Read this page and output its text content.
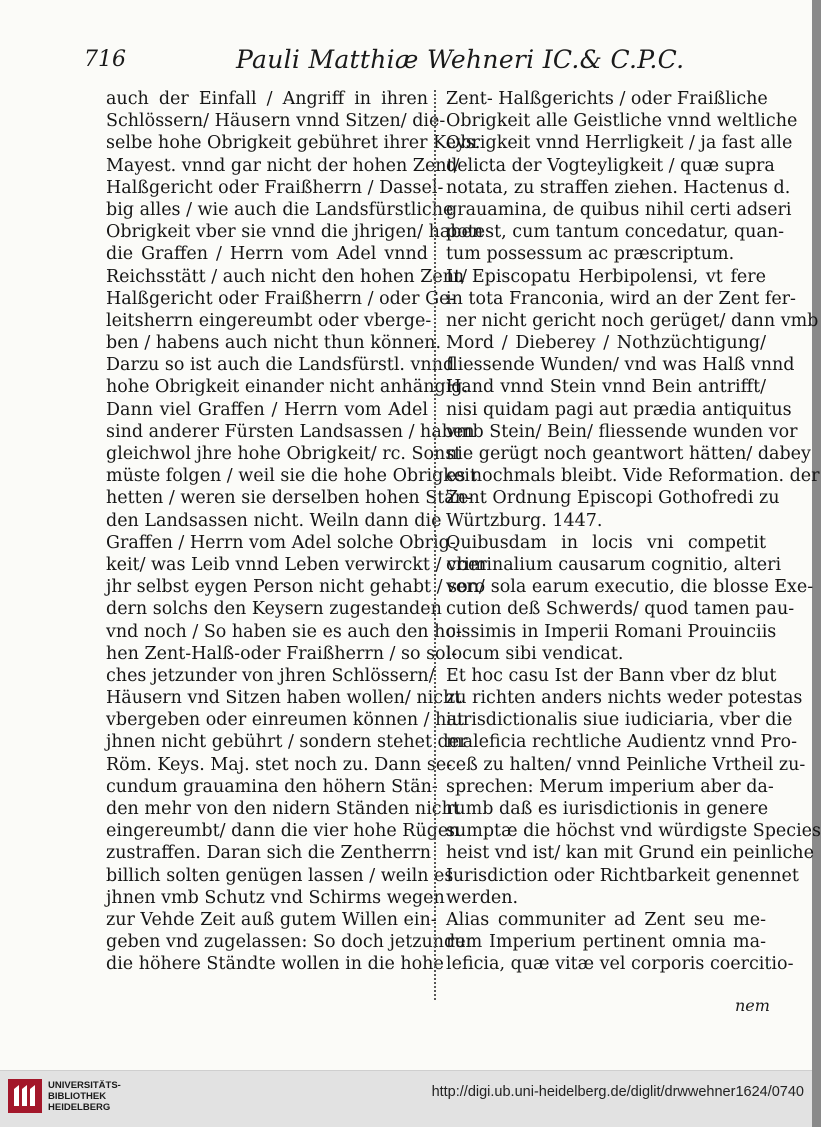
716	Pauli Matthiæ Wehneri IC.& C.P.C.
auch der Einfall / Angriff in ihren
Schlössern/ Häusern vnnd Sitzen/ die-
selbe hohe Obrigkeit gebühret ihrer Keys.
Mayest. vnnd gar nicht der hohen Zent/
Halßgericht oder Fraißherrn / Dassel-
big alles / wie auch die Landsfürstliche
Obrigkeit vber sie vnnd die jhrigen/ haben
die Graffen / Herrn vom Adel vnnd
Reichsstätt / auch nicht den hohen Zent/
Halßgericht oder Fraißherrn / oder Ge-
leitsherrn eingereumbt oder vberge-
ben / habens auch nicht thun können.
Darzu so ist auch die Landsfürstl. vnnd
hohe Obrigkeit einander nicht anhängig.
Dann viel Graffen / Herrn vom Adel
sind anderer Fürsten Landsassen / haben
gleichwol jhre hohe Obrigkeit/ rc. Sonst
müste folgen / weil sie die hohe Obrigkeit
hetten / weren sie derselben hohen Stän-
den Landsassen nicht. Weiln dann die
Graffen / Herrn vom Adel solche Obrig-
keit/ was Leib vnnd Leben verwirckt / vber
jhr selbst eygen Person nicht gehabt / son/
dern solchs den Keysern zugestanden
vnd noch / So haben sie es auch den ho-
hen Zent-Halß-oder Fraißherrn / so sol-
ches jetzunder von jhren Schlössern/
Häusern vnd Sitzen haben wollen/ nicht
vbergeben oder einreumen können / hat
jhnen nicht gebührt / sondern stehet der
Röm. Keys. Maj. stet noch zu. Dann se-
cundum grauamina den höhern Stän-
den mehr von den nidern Ständen nicht
eingereumbt/ dann die vier hohe Rügen
zustraffen. Daran sich die Zentherrn
billich solten genügen lassen / weiln es
jhnen vmb Schutz vnd Schirms wegen
zur Vehde Zeit auß gutem Willen ein-
geben vnd zugelassen: So doch jetzunder
die höhere Ständte wollen in die hohe
Zent- Halßgerichts / oder Fraißliche
Obrigkeit alle Geistliche vnnd weltliche
Obrigkeit vnnd Herrligkeit / ja fast alle
delicta der Vogteyligkeit / quæ supra
notata, zu straffen ziehen. Hactenus d.
grauamina, de quibus nihil certi adseri
potest, cum tantum concedatur, quan-
tum possessum ac præscriptum.
In Episcopatu Herbipolensi, vt fere
in tota Franconia, wird an der Zent fer-
ner nicht gericht noch gerüget/ dann vmb
Mord / Dieberey / Nothzüchtigung/
fliessende Wunden/ vnd was Halß vnnd
Hand vnnd Stein vnnd Bein antrifft/
nisi quidam pagi aut prædia antiquitus
vmb Stein/ Bein/ fliessende wunden vor
nie gerügt noch geantwort hätten/ dabey
es nochmals bleibt. Vide Reformation. der
Zent Ordnung Episcopi Gothofredi zu
Würtzburg. 1447.
Quibusdam in locis vni competit
criminalium causarum cognitio, alteri
vero sola earum executio, die blosse Exe-
cution deß Schwerds/ quod tamen pau-
cissimis in Imperii Romani Prouinciis
locum sibi vendicat.
Et hoc casu Ist der Bann vber dz blut
zu richten anders nichts weder potestas
iurisdictionalis siue iudiciaria, vber die
maleficia rechtliche Audientz vnnd Pro-
ceß zu halten/ vnnd Peinliche Vrtheil zu-
sprechen: Merum imperium aber da-
rumb daß es iurisdictionis in genere
sumptæ die höchst vnd würdigste Species
heist vnd ist/ kan mit Grund ein peinliche
Iurisdiction oder Richtbarkeit genennet
werden.
Alias communiter ad Zent seu me-
rum Imperium pertinent omnia ma-
leficia, quæ vitæ vel corporis coercitio-
nem
UNIVERSITÄTS-
BIBLIOTHEK
HEIDELBERG
http://digi.ub.uni-heidelberg.de/diglit/drwwehner1624/0740
